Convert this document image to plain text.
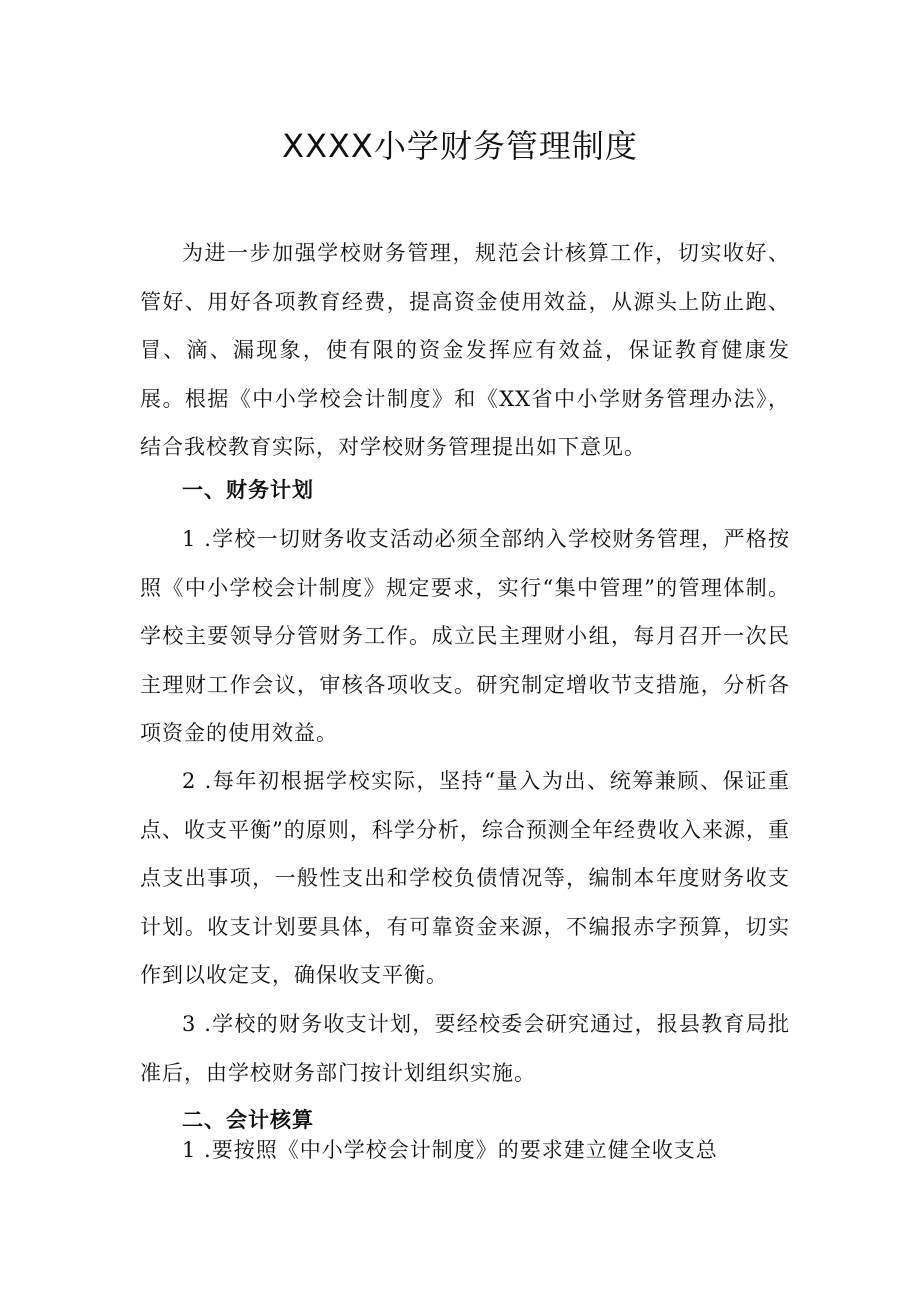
XXXX小学财务管理制度

为进一步加强学校财务管理，规范会计核算工作，切实收好、管好、用好各项教育经费，提高资金使用效益，从源头上防止跑、冒、滴、漏现象，使有限的资金发挥应有效益，保证教育健康发展。根据《中小学校会计制度》和《XX省中小学财务管理办法》，结合我校教育实际，对学校财务管理提出如下意见。

一、财务计划

1 .学校一切财务收支活动必须全部纳入学校财务管理，严格按照《中小学校会计制度》规定要求，实行“集中管理”的管理体制。学校主要领导分管财务工作。成立民主理财小组，每月召开一次民主理财工作会议，审核各项收支。研究制定增收节支措施，分析各项资金的使用效益。

2 .每年初根据学校实际，坚持“量入为出、统筹兼顾、保证重点、收支平衡”的原则，科学分析，综合预测全年经费收入来源，重点支出事项，一般性支出和学校负债情况等，编制本年度财务收支计划。收支计划要具体，有可靠资金来源，不编报赤字预算，切实作到以收定支，确保收支平衡。

3 .学校的财务收支计划，要经校委会研究通过，报县教育局批准后，由学校财务部门按计划组织实施。

二、会计核算

1 .要按照《中小学校会计制度》的要求建立健全收支总
